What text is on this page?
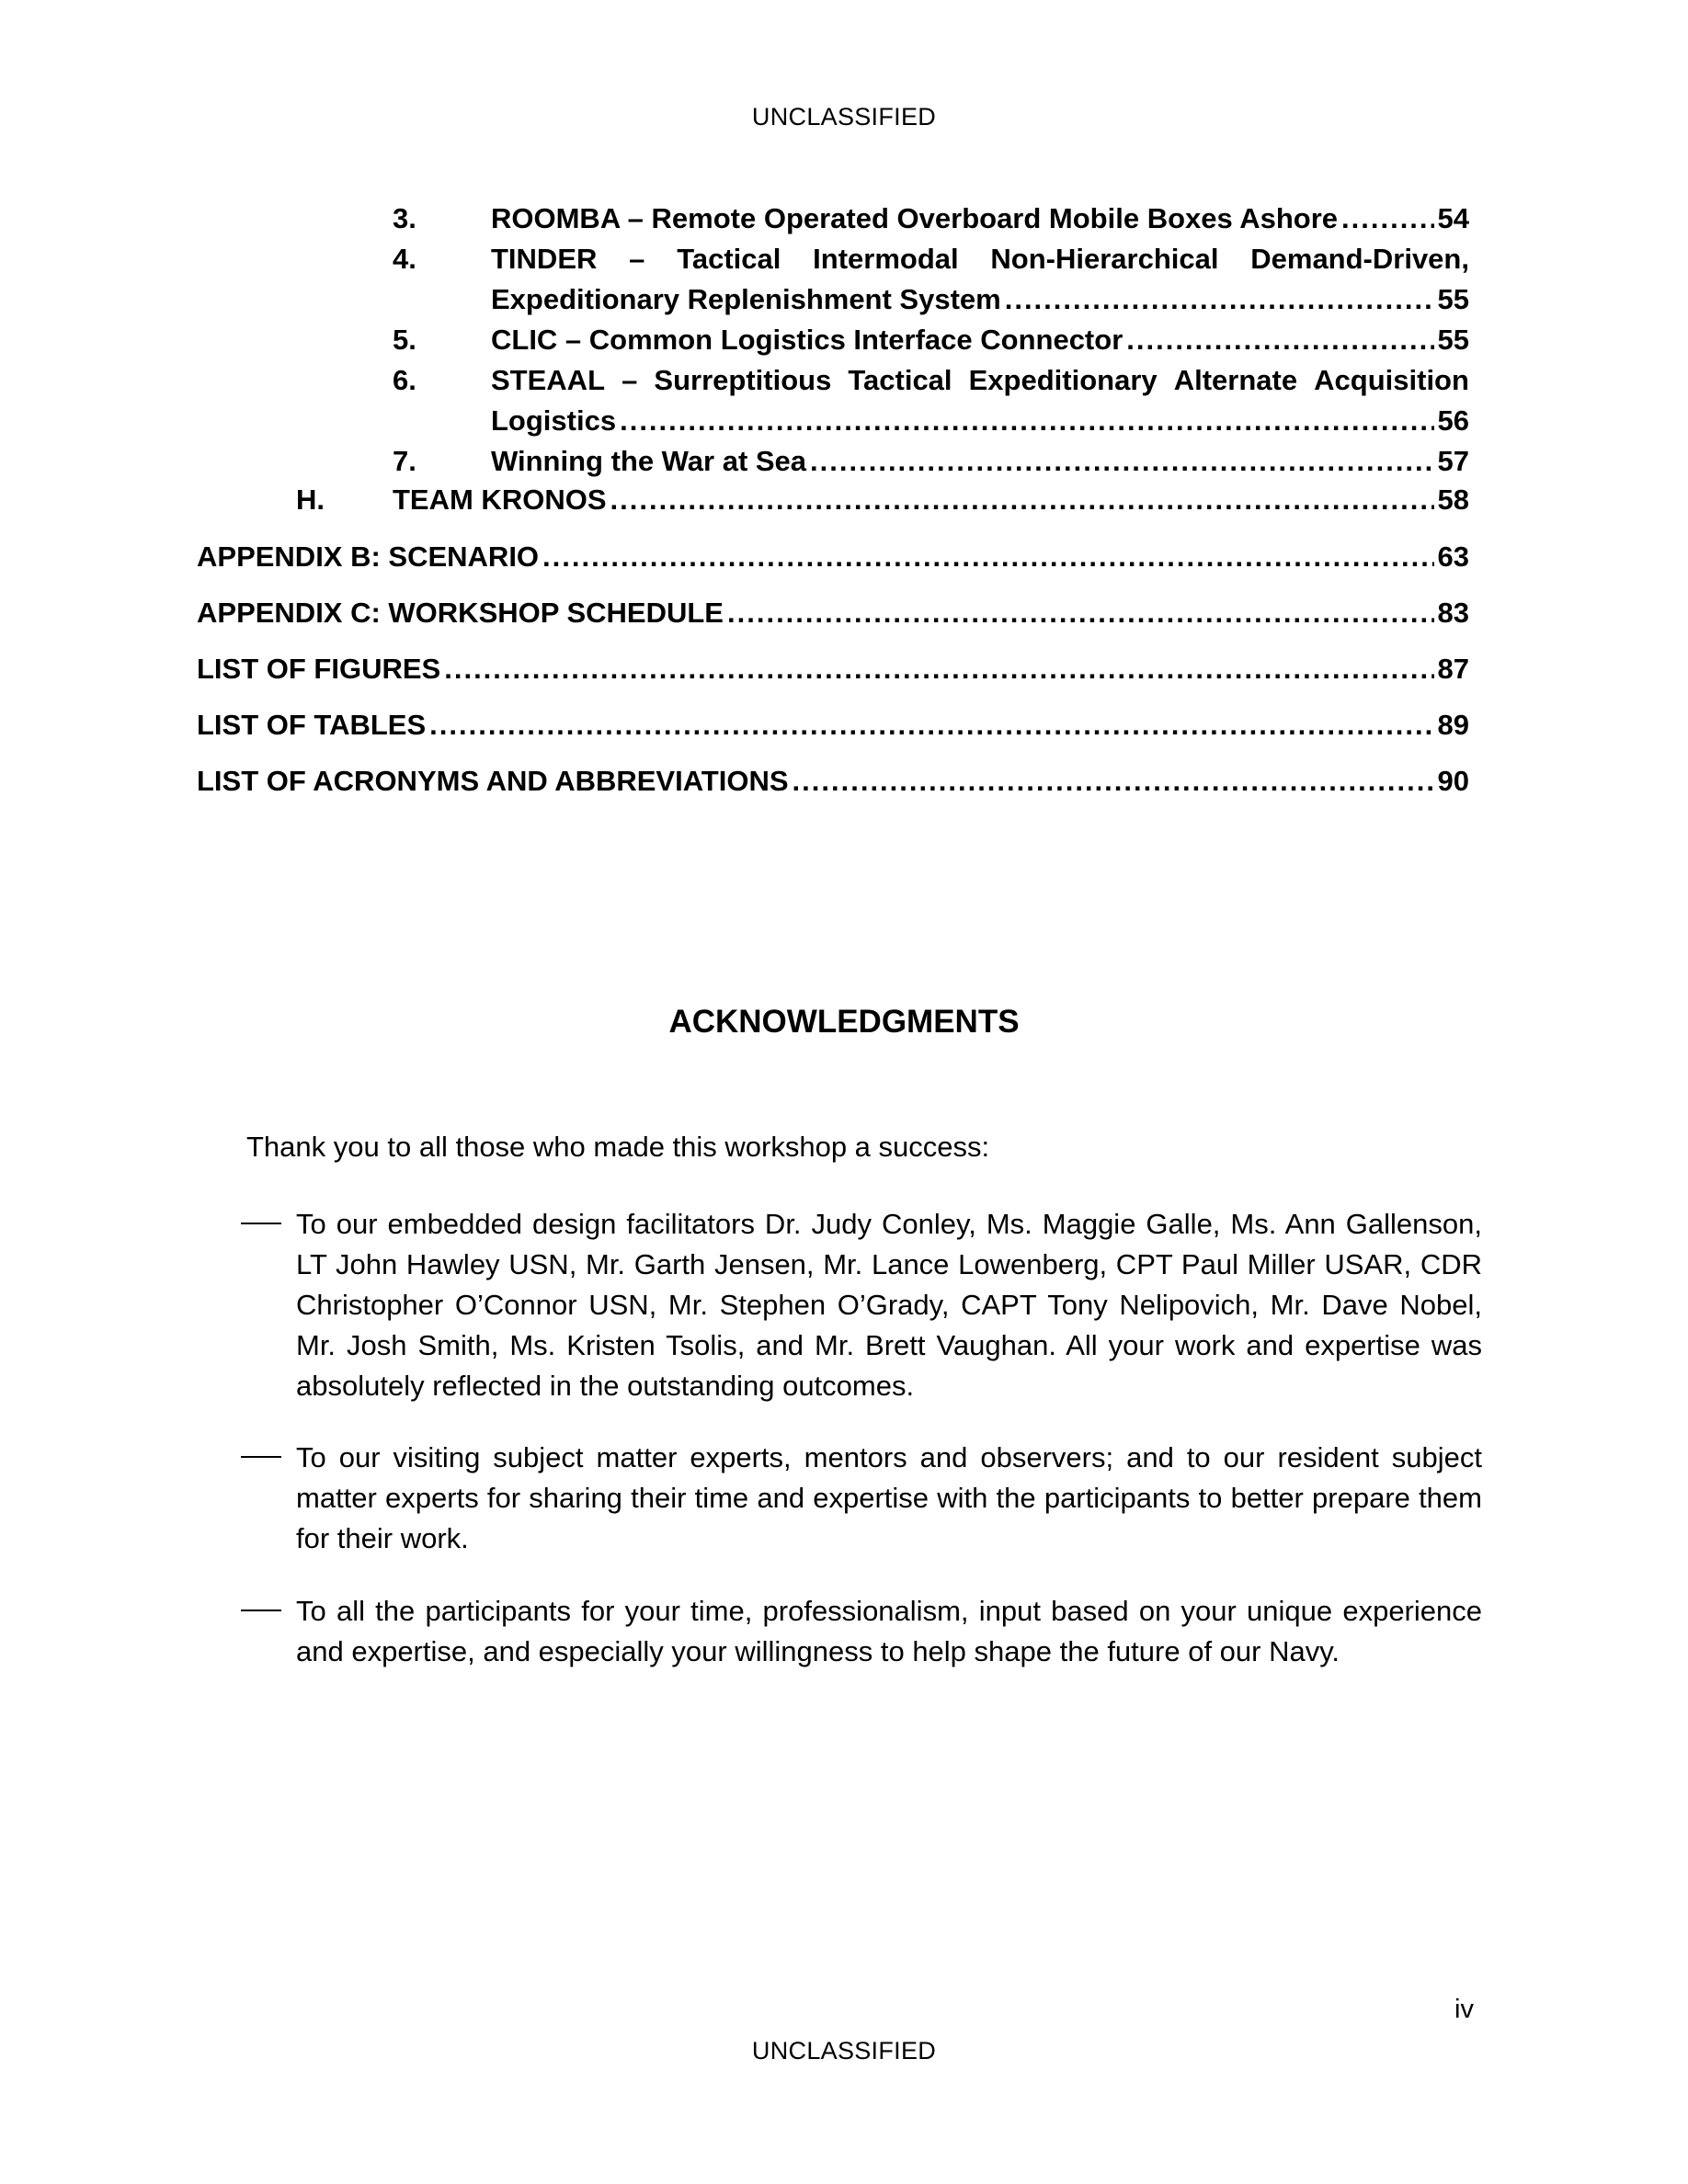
UNCLASSIFIED
3.	ROOMBA – Remote Operated Overboard Mobile Boxes Ashore .....	54
4.	TINDER – Tactical Intermodal Non-Hierarchical Demand-Driven,
Expeditionary Replenishment System .....	55
5.	CLIC – Common Logistics Interface Connector .....	55
6.	STEAAL – Surreptitious Tactical Expeditionary Alternate Acquisition
Logistics .....	56
7.	Winning the War at Sea .....	57
H. TEAM KRONOS .....	58
APPENDIX B: SCENARIO .....	63
APPENDIX C: WORKSHOP SCHEDULE .....	83
LIST OF FIGURES .....	87
LIST OF TABLES .....	89
LIST OF ACRONYMS AND ABBREVIATIONS .....	90
ACKNOWLEDGMENTS

Thank you to all those who made this workshop a success:

To our embedded design facilitators Dr. Judy Conley, Ms. Maggie Galle, Ms. Ann Gallenson, LT John Hawley USN, Mr. Garth Jensen, Mr. Lance Lowenberg, CPT Paul Miller USAR, CDR Christopher O’Connor USN, Mr. Stephen O’Grady, CAPT Tony Nelipovich, Mr. Dave Nobel, Mr. Josh Smith, Ms. Kristen Tsolis, and Mr. Brett Vaughan. All your work and expertise was absolutely reflected in the outstanding outcomes.
To our visiting subject matter experts, mentors and observers; and to our resident subject matter experts for sharing their time and expertise with the participants to better prepare them for their work.
To all the participants for your time, professionalism, input based on your unique experience and expertise, and especially your willingness to help shape the future of our Navy.
iv
UNCLASSIFIED
